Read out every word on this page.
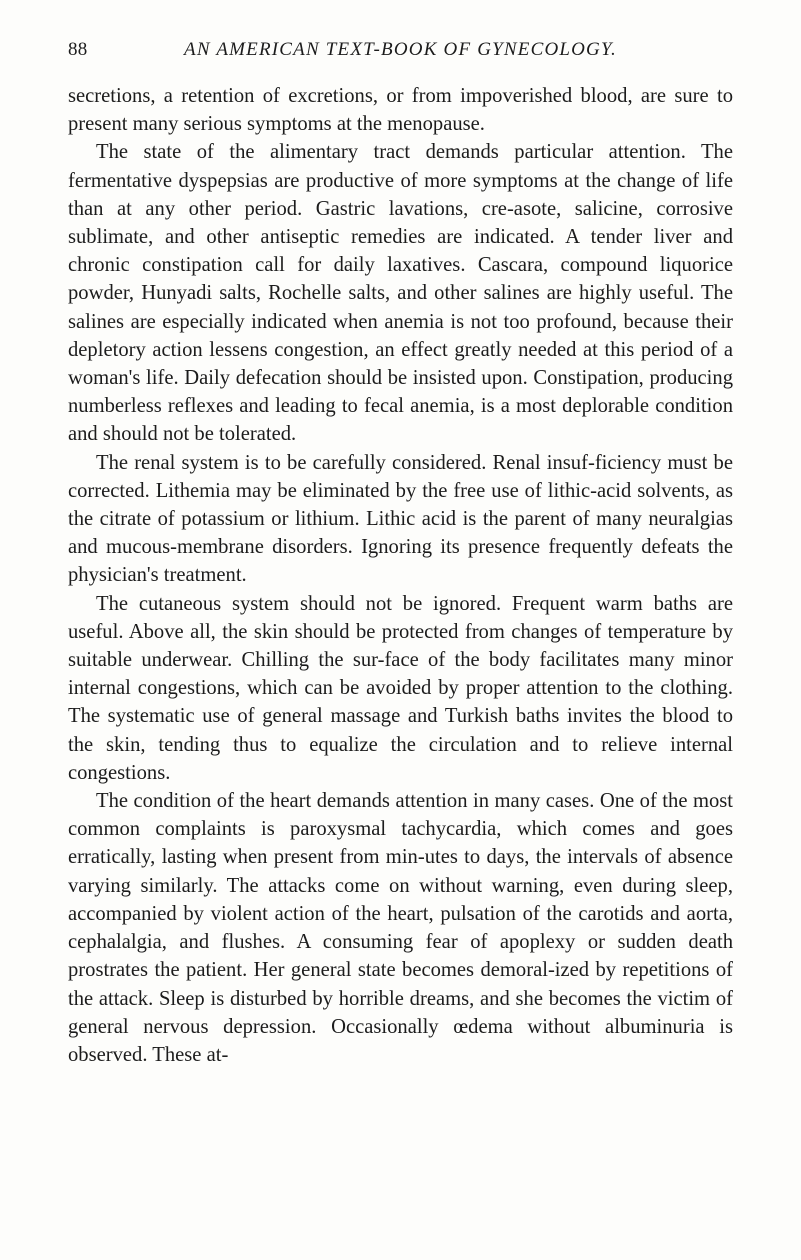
88	AN AMERICAN TEXT-BOOK OF GYNECOLOGY.

secretions, a retention of excretions, or from impoverished blood, are sure to present many serious symptoms at the menopause.

The state of the alimentary tract demands particular attention. The fermentative dyspepsias are productive of more symptoms at the change of life than at any other period. Gastric lavations, cre-asote, salicine, corrosive sublimate, and other antiseptic remedies are indicated. A tender liver and chronic constipation call for daily laxatives. Cascara, compound liquorice powder, Hunyadi salts, Rochelle salts, and other salines are highly useful. The salines are especially indicated when anemia is not too profound, because their depletory action lessens congestion, an effect greatly needed at this period of a woman's life. Daily defecation should be insisted upon. Constipation, producing numberless reflexes and leading to fecal anemia, is a most deplorable condition and should not be tolerated.

The renal system is to be carefully considered. Renal insuf-ficiency must be corrected. Lithemia may be eliminated by the free use of lithic-acid solvents, as the citrate of potassium or lithium. Lithic acid is the parent of many neuralgias and mucous-membrane disorders. Ignoring its presence frequently defeats the physician's treatment.

The cutaneous system should not be ignored. Frequent warm baths are useful. Above all, the skin should be protected from changes of temperature by suitable underwear. Chilling the sur-face of the body facilitates many minor internal congestions, which can be avoided by proper attention to the clothing. The systematic use of general massage and Turkish baths invites the blood to the skin, tending thus to equalize the circulation and to relieve internal congestions.

The condition of the heart demands attention in many cases. One of the most common complaints is paroxysmal tachycardia, which comes and goes erratically, lasting when present from min-utes to days, the intervals of absence varying similarly. The attacks come on without warning, even during sleep, accompanied by violent action of the heart, pulsation of the carotids and aorta, cephalalgia, and flushes. A consuming fear of apoplexy or sudden death prostrates the patient. Her general state becomes demoral-ized by repetitions of the attack. Sleep is disturbed by horrible dreams, and she becomes the victim of general nervous depression. Occasionally œdema without albuminuria is observed. These at-
